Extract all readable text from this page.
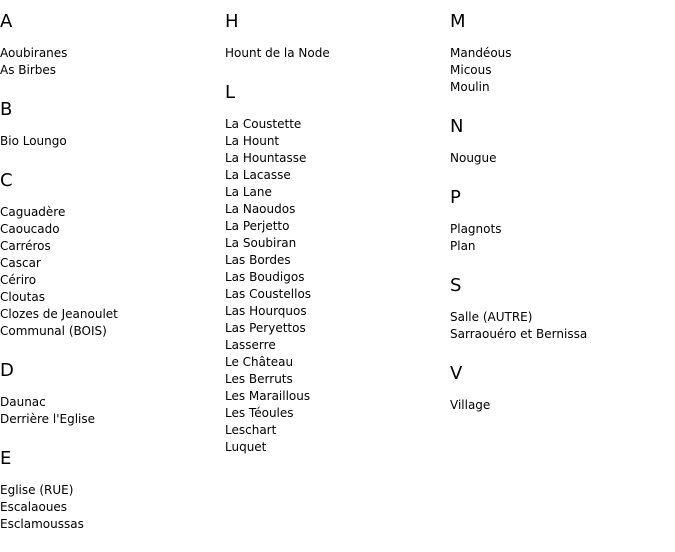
A
Aoubiranes
As Birbes
B
Bio Loungo
C
Caguadère
Caoucado
Carréros
Cascar
Cériro
Cloutas
Clozes de Jeanoulet
Communal (BOIS)
D
Daunac
Derrière l'Eglise
E
Eglise (RUE)
Escalaoues
Esclamoussas
H
Hount de la Node
L
La Coustette
La Hount
La Hountasse
La Lacasse
La Lane
La Naoudos
La Perjetto
La Soubiran
Las Bordes
Las Boudigos
Las Coustellos
Las Hourquos
Las Peryettos
Lasserre
Le Château
Les Berruts
Les Maraillous
Les Téoules
Leschart
Luquet
M
Mandéous
Micous
Moulin
N
Nougue
P
Plagnots
Plan
S
Salle (AUTRE)
Sarraouéro et Bernissa
V
Village
